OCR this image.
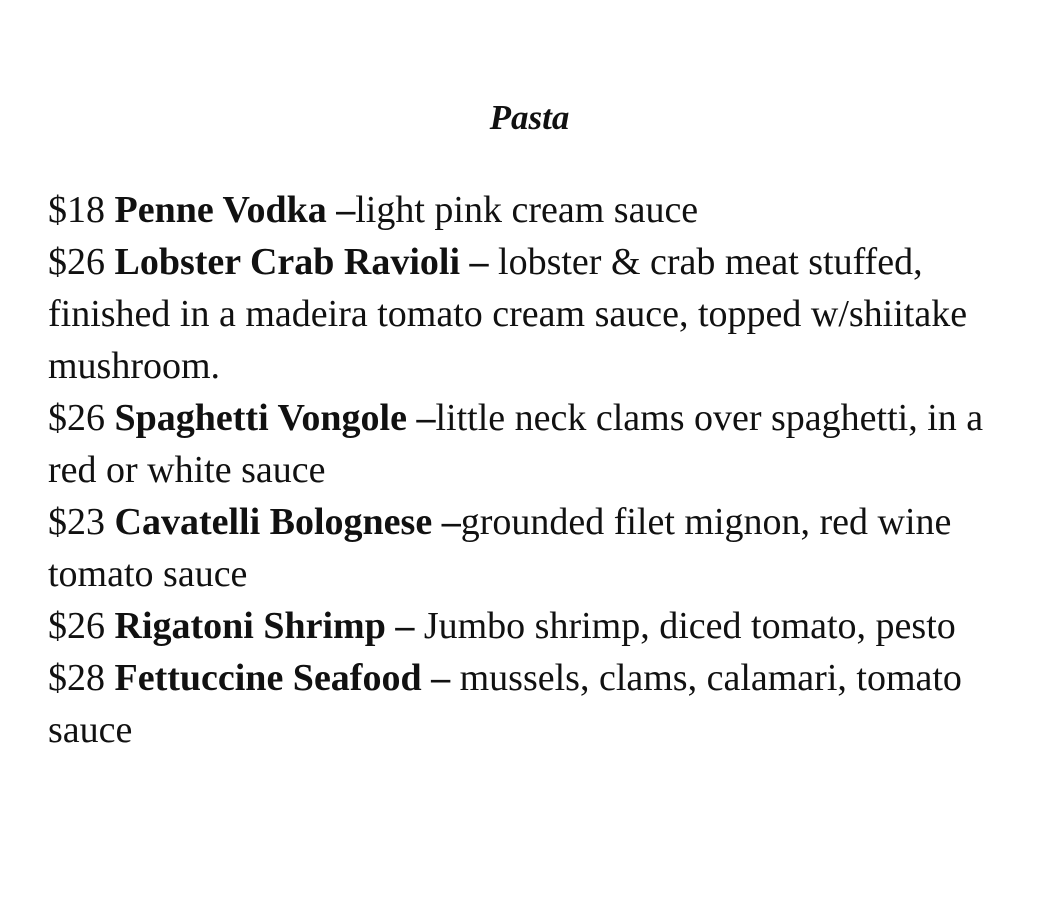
Pasta
$18 Penne Vodka –light pink cream sauce
$26 Lobster Crab Ravioli – lobster & crab meat stuffed, finished in a madeira tomato cream sauce, topped w/shiitake mushroom.
$26 Spaghetti Vongole –little neck clams over spaghetti, in a red or white sauce
$23 Cavatelli Bolognese –grounded filet mignon, red wine tomato sauce
$26 Rigatoni Shrimp – Jumbo shrimp, diced tomato, pesto
$28 Fettuccine Seafood – mussels, clams, calamari, tomato sauce
